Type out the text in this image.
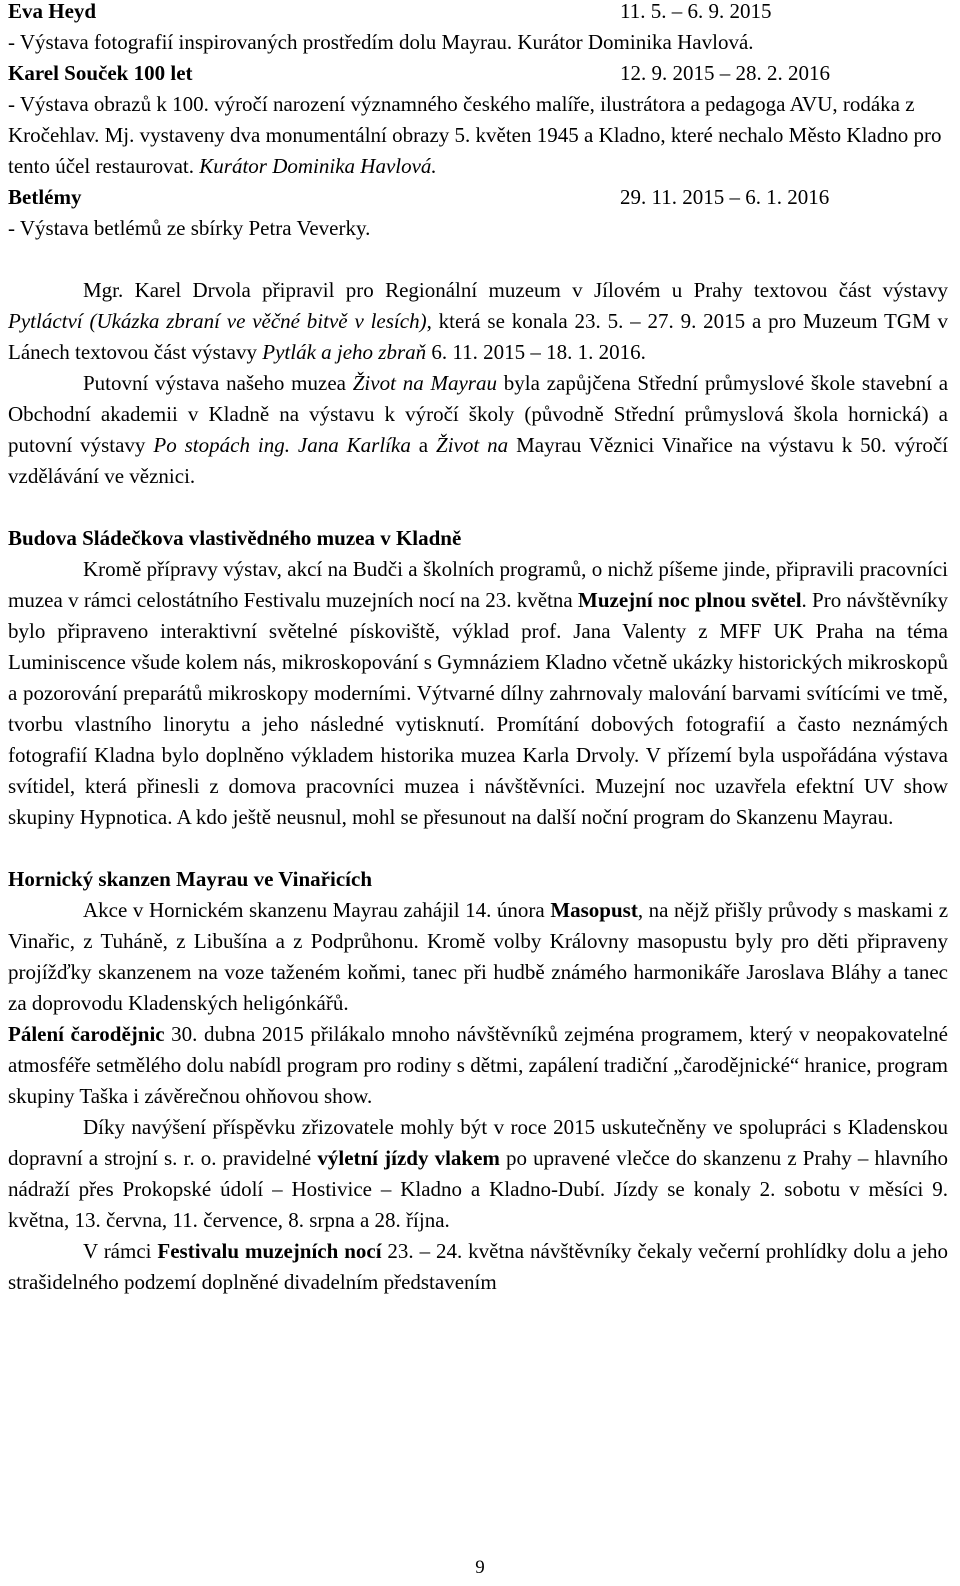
Eva Heyd	11. 5. – 6. 9. 2015

- Výstava fotografií inspirovaných prostředím dolu Mayrau. Kurátor Dominika Havlová.

Karel Souček 100 let	12. 9. 2015 – 28. 2. 2016

- Výstava obrazů k 100. výročí narození významného českého malíře, ilustrátora a pedagoga AVU, rodáka z Kročehlav. Mj. vystaveny dva monumentální obrazy 5. květen 1945 a Kladno, které nechalo Město Kladno pro tento účel restaurovat. Kurátor Dominika Havlová.

Betlémy	29. 11. 2015 – 6. 1. 2016

- Výstava betlémů ze sbírky Petra Veverky.

Mgr. Karel Drvola připravil pro Regionální muzeum v Jílovém u Prahy textovou část výstavy Pytláctví (Ukázka zbraní ve věčné bitvě v lesích), která se konala 23. 5. – 27. 9. 2015 a pro Muzeum TGM v Lánech textovou část výstavy Pytlák a jeho zbraň 6. 11. 2015 – 18. 1. 2016.

Putovní výstava našeho muzea Život na Mayrau byla zapůjčena Střední průmyslové škole stavební a Obchodní akademii v Kladně na výstavu k výročí školy (původně Střední průmyslová škola hornická) a putovní výstavy Po stopách ing. Jana Karlíka a Život na Mayrau Věznici Vinařice na výstavu k 50. výročí vzdělávání ve věznici.

Budova Sládečkova vlastivědného muzea v Kladně

Kromě přípravy výstav, akcí na Budči a školních programů, o nichž píšeme jinde, připravili pracovníci muzea v rámci celostátního Festivalu muzejních nocí na 23. května Muzejní noc plnou světel. Pro návštěvníky bylo připraveno interaktivní světelné pískoviště, výklad prof. Jana Valenty z MFF UK Praha na téma Luminiscence všude kolem nás, mikroskopování s Gymnáziem Kladno včetně ukázky historických mikroskopů a pozorování preparátů mikroskopy moderními. Výtvarné dílny zahrnovaly malování barvami svítícími ve tmě, tvorbu vlastního linorytu a jeho následné vytisknutí. Promítání dobových fotografií a často neznámých fotografií Kladna bylo doplněno výkladem historika muzea Karla Drvoly. V přízemí byla uspořádána výstava svítidel, která přinesli z domova pracovníci muzea i návštěvníci. Muzejní noc uzavřela efektní UV show skupiny Hypnotica. A kdo ještě neusnul, mohl se přesunout na další noční program do Skanzenu Mayrau.

Hornický skanzen Mayrau ve Vinařicích

Akce v Hornickém skanzenu Mayrau zahájil 14. února Masopust, na nějž přišly průvody s maskami z Vinařic, z Tuháně, z Libušína a z Podprůhonu. Kromě volby Královny masopustu byly pro děti připraveny projížďky skanzenem na voze taženém koňmi, tanec při hudbě známého harmonikáře Jaroslava Bláhy a tanec za doprovodu Kladenských heligónkářů.

Pálení čarodějnic 30. dubna 2015 přilákalo mnoho návštěvníků zejména programem, který v neopakovatelné atmosféře setmělého dolu nabídl program pro rodiny s dětmi, zapálení tradiční „čarodějnické“ hranice, program skupiny Taška i závěrečnou ohňovou show.

Díky navýšení příspěvku zřizovatele mohly být v roce 2015 uskutečněny ve spolupráci s Kladenskou dopravní a strojní s. r. o. pravidelné výletní jízdy vlakem po upravené vlečce do skanzenu z Prahy – hlavního nádraží přes Prokopské údolí – Hostivice – Kladno a Kladno-Dubí. Jízdy se konaly 2. sobotu v měsíci 9. května, 13. června, 11. července, 8. srpna a 28. října.

V rámci Festivalu muzejních nocí 23. – 24. května návštěvníky čekaly večerní prohlídky dolu a jeho strašidelného podzemí doplněné divadelním představením

9
